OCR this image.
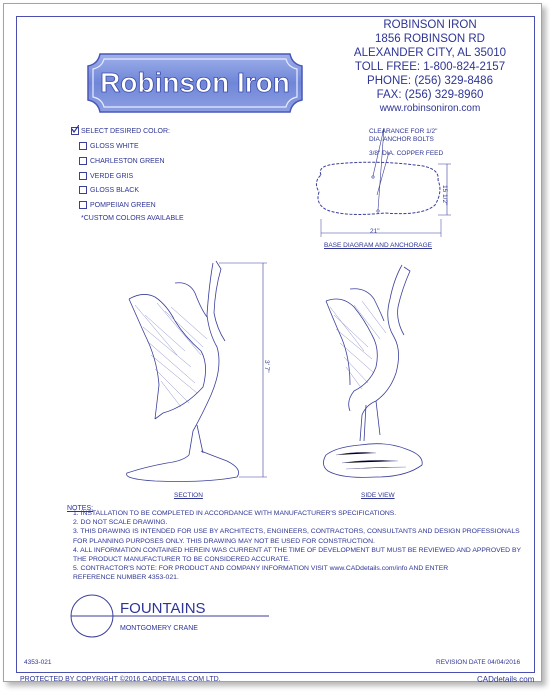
Robinson Iron
ROBINSON IRON
1856 ROBINSON RD
ALEXANDER CITY, AL 35010
TOLL FREE: 1-800-824-2157
PHONE: (256) 329-8486
FAX: (256) 329-8960
www.robinsoniron.com
SELECT DESIRED COLOR:
GLOSS WHITE
CHARLESTON GREEN
VERDE GRIS
GLOSS BLACK
POMPEIIAN GREEN
*CUSTOM COLORS AVAILABLE
CLEARANCE FOR 1/2"
DIA. ANCHOR BOLTS
3/8" DIA. COPPER FEED
21"
15 1/2"
BASE DIAGRAM AND ANCHORAGE
3' 7"
SECTION	SIDE VIEW
NOTES:
1. INSTALLATION TO BE COMPLETED IN ACCORDANCE WITH MANUFACTURER'S SPECIFICATIONS.
2. DO NOT SCALE DRAWING.
3. THIS DRAWING IS INTENDED FOR USE BY ARCHITECTS, ENGINEERS, CONTRACTORS, CONSULTANTS AND DESIGN PROFESSIONALS
FOR PLANNING PURPOSES ONLY. THIS DRAWING MAY NOT BE USED FOR CONSTRUCTION.
4. ALL INFORMATION CONTAINED HEREIN WAS CURRENT AT THE TIME OF DEVELOPMENT BUT MUST BE REVIEWED AND APPROVED BY
THE PRODUCT MANUFACTURER TO BE CONSIDERED ACCURATE.
5. CONTRACTOR'S NOTE: FOR PRODUCT AND COMPANY INFORMATION VISIT www.CADdetails.com/info AND ENTER
REFERENCE NUMBER 4353-021.
FOUNTAINS
MONTGOMERY CRANE
4353-021	REVISION DATE 04/04/2016
PROTECTED BY COPYRIGHT ©2016 CADDETAILS.COM LTD.	CADdetails.com
